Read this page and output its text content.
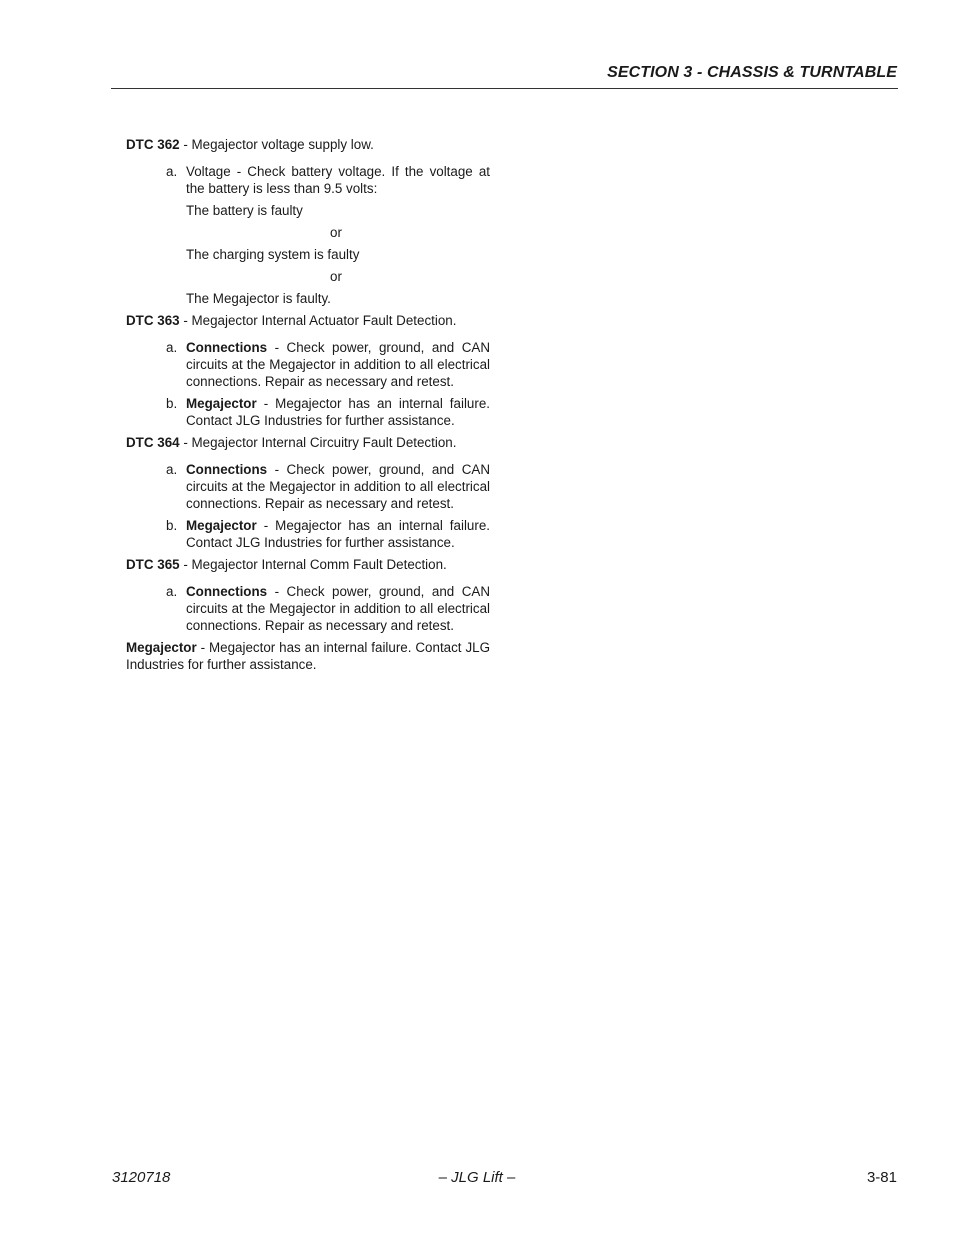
SECTION 3 - CHASSIS & TURNTABLE
DTC 362 - Megajector voltage supply low.
a. Voltage - Check battery voltage. If the voltage at the battery is less than 9.5 volts:
The battery is faulty
or
The charging system is faulty
or
The Megajector is faulty.
DTC 363 - Megajector Internal Actuator Fault Detection.
a. Connections - Check power, ground, and CAN circuits at the Megajector in addition to all electrical connections. Repair as necessary and retest.
b. Megajector - Megajector has an internal failure. Contact JLG Industries for further assistance.
DTC 364 - Megajector Internal Circuitry Fault Detection.
a. Connections - Check power, ground, and CAN circuits at the Megajector in addition to all electrical connections. Repair as necessary and retest.
b. Megajector - Megajector has an internal failure. Contact JLG Industries for further assistance.
DTC 365 - Megajector Internal Comm Fault Detection.
a. Connections - Check power, ground, and CAN circuits at the Megajector in addition to all electrical connections. Repair as necessary and retest.
Megajector - Megajector has an internal failure. Contact JLG Industries for further assistance.
3120718	– JLG Lift –	3-81
